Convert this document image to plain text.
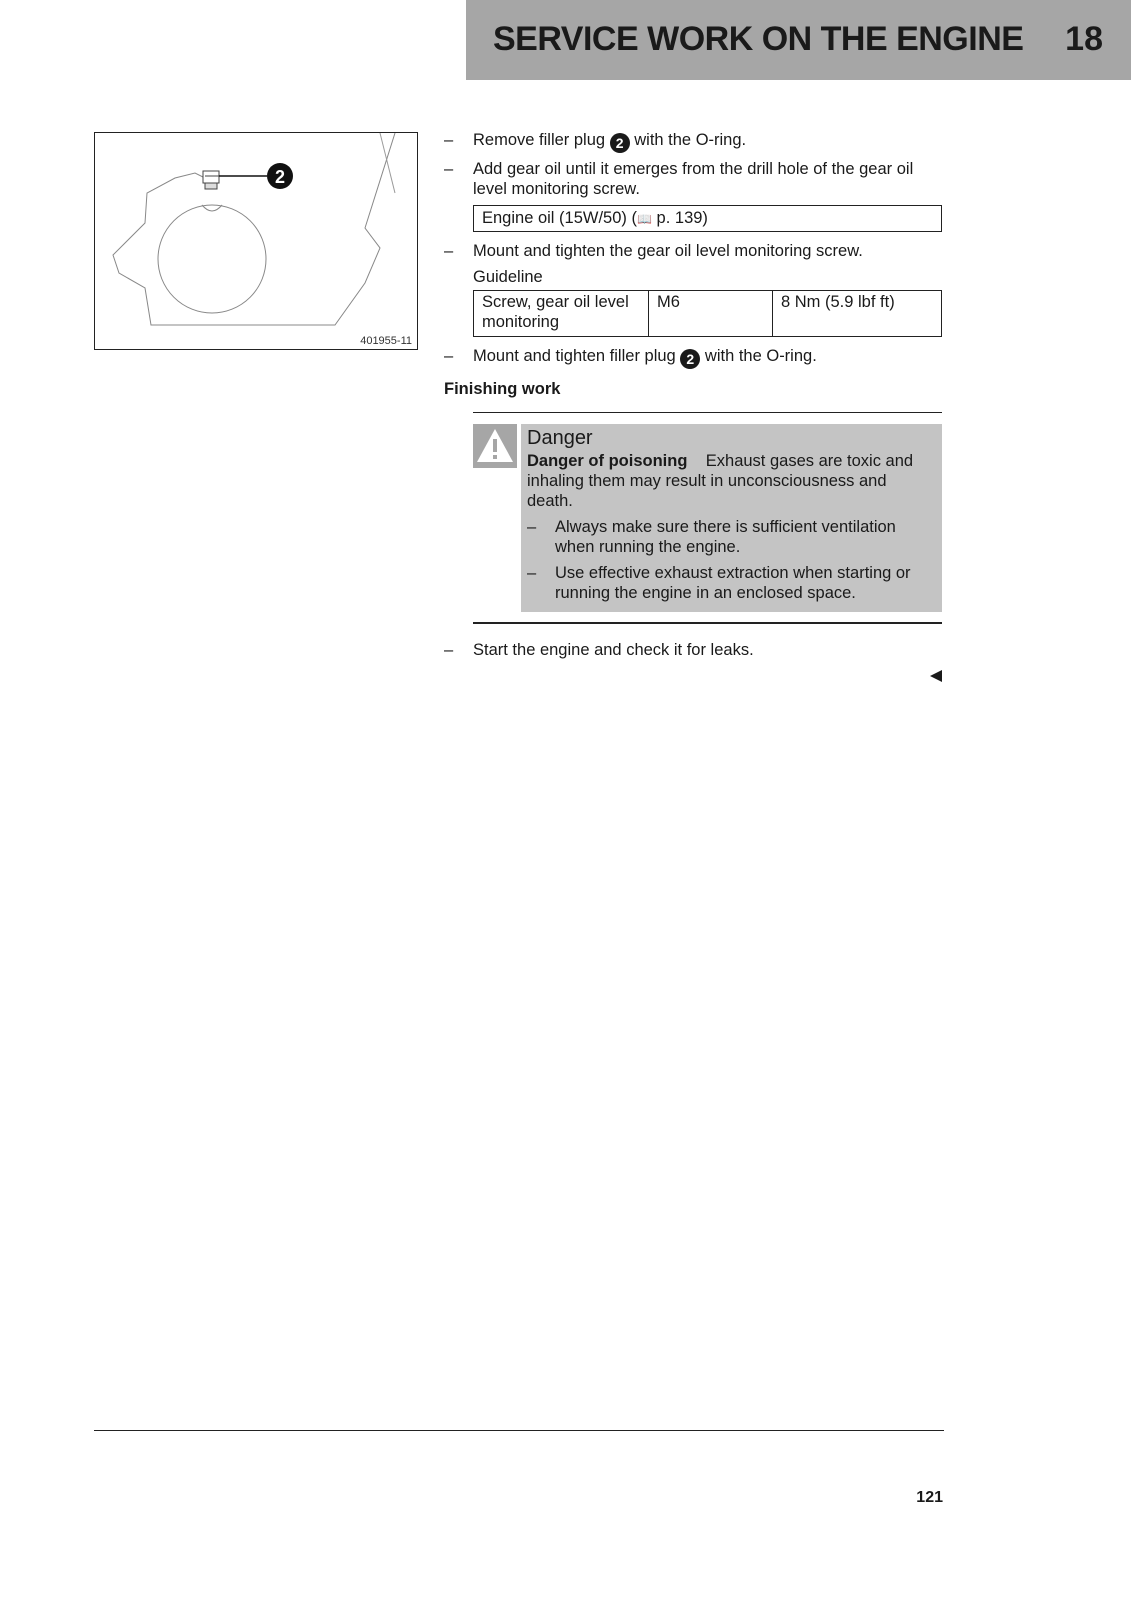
SERVICE WORK ON THE ENGINE 18
2
401955-11
– Remove filler plug 2 with the O-ring.
– Add gear oil until it emerges from the drill hole of the gear oil level monitoring screw.
Engine oil (15W/50) (📖 p. 139)
– Mount and tighten the gear oil level monitoring screw.
Guideline
Screw, gear oil level monitoring	M6	8 Nm (5.9 lbf ft)
– Mount and tighten filler plug 2 with the O-ring.
Finishing work
Danger
Danger of poisoning Exhaust gases are toxic and inhaling them may result in unconsciousness and death.
– Always make sure there is sufficient ventilation when running the engine.
– Use effective exhaust extraction when starting or running the engine in an enclosed space.
– Start the engine and check it for leaks.
121
